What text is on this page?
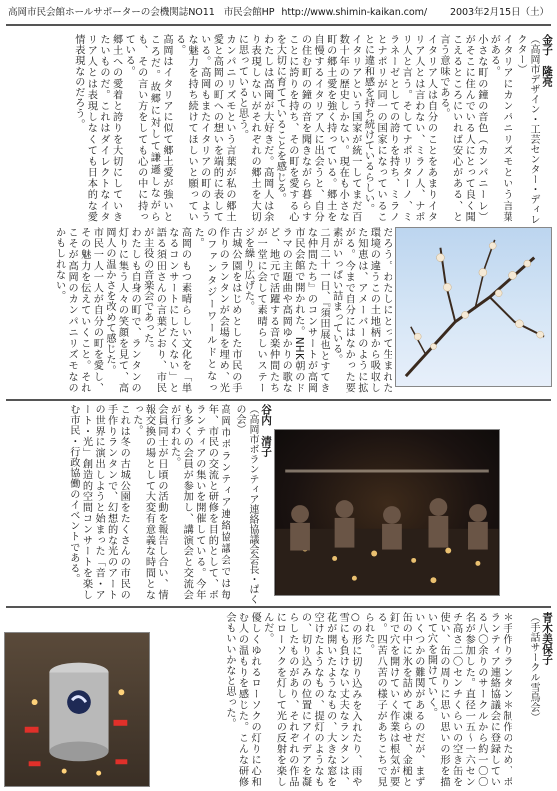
高岡市民会館ホールサポーターの会機関誌NO11 市民会館HP http://www.shimin-kaikan.com/ 2003年2月15日（土）
金子　隆亮
（高岡市デザイン・工芸センター・ディレクター）

イタリアにカンパニリズモという言葉がある。

小さな町の鐘の音色（カンパニーレ）がそこに住んでいる人にとって良く聞こえるところにいれば安心がある、と言う意味である。

イタリア人は自分のことをあまりイタリア人とは言わない、ミラノ人、ナポリ人と言う。そしてナポリターノ、ミラネーゼとしての誇りを持ち、ミラノとナポリが同一の国家になっていることに違和感を持ち続けているらしい。

イタリアという国家が統一してまだ百数十年の歴史しかない。現在も小さな町の郷土愛を強く持っている。郷土を自慢するイタリア人に出会うと、自分の住む町の鐘の音を聞きながら暮らすことに誇りを持ち、その町を愛する心を大切に育てていることを感じる。

わたしは高岡が大好きだ。高岡人は余り表現しないがそれぞれの郷土を大切に思っていると思う。

カンパニリズモという言葉が私の郷土愛と高岡の町への想いを端的に表している。高岡もまたイタリアの町のような魅力を持ち続けてほしいと願っている。

高岡はイタリアに似て郷土愛が強いところだ。故郷に対して謙遜しながらも、その言い方をしても心の中に持っている。

郷土への愛着と誇りを大切にしていきたいものだ。これはダイレクトなイタリア人とは表現しなくても日本的な愛情表現なのだろう。

だろう。わたしにとって生まれた環境の違うこの土地柄から吸収した知恵は、アメーバーのように拡がる。今まで自分にはなかった要素がいっぱい詰まっている。

二月二十一日、『須田展也とすてきな仲間たち』のコンサートが高岡市民会館で開かれた。NHK朝のドラマの主題曲や高岡ゆかりの歌など、地元で活躍する音楽仲間たちが一堂に会して素晴らしいステージを繰り広げた。

古城公園をはじめとした市民の手作りのランタンが会場を埋め、光のファンタジーワールドとなった。

高岡のもつ素晴らしい文化を「単なるコンサートにしたくない」と語る須田さんの言葉どおり、市民が主役の音楽会であった。

わたしも自身の町で、ランタンの灯りに集う人々の笑顔を見て、高岡人の温かさを改めて感じた。

市民一人一人が自分の町を愛し、その魅力を伝えていくこと。それこそが高岡のカンパニリズモなのかもしれない。

谷内　清子
（高岡市ボランティア連絡協議会会長・ぱくの会）

高岡市ボランティア連絡協議会では毎年、市民の交流と研修を目的として、ボランティアの集いを開催している。今年も多くの会員が参加し、講演会と交流会が行われた。

会員同士が日頃の活動を報告し合い、情報交換の場として大変有意義な時間となった。

これは冬の古城公園をたくさんの市民の手作りランタンで、幻想的な光のアートの世界に演出しようと始まった「音・アート・光」創造的空間コンサートを楽しむ市民・行政協働のイベントである。

青木美保子
（手話サークル雪鳥会）

＊手作りランタン＊制作のため、ボランティア連絡協議会に登録している八〇余りのサークルから約一〇〇名が参加した。直径一五〜一六センチ高さ二〇センチくらいの空き缶を使い、缶の周りに思い思いの形を描いて穴を開けていく。

いくつかの難関があるのだが、まず缶の中に氷を詰めて凍らせ、金槌と釘で穴を開けていく作業は根気が要る。四苦八苦の様子があちこちで見られた。

○の形に切り込みを入れたり、雨や雪にも負けない丈夫なランタンは、花が開いたようなもの、大きな窓を空けたようなもの、提灯のようなもの、切り込みの位置にアイデアを凝らしたものがあり、それぞれの作品にローソクを灯して光の反射を楽しんだ。

優しくゆれるローソクの灯りに心和む人の温もりを感じた。こんな研修会もいいかなと思った。
